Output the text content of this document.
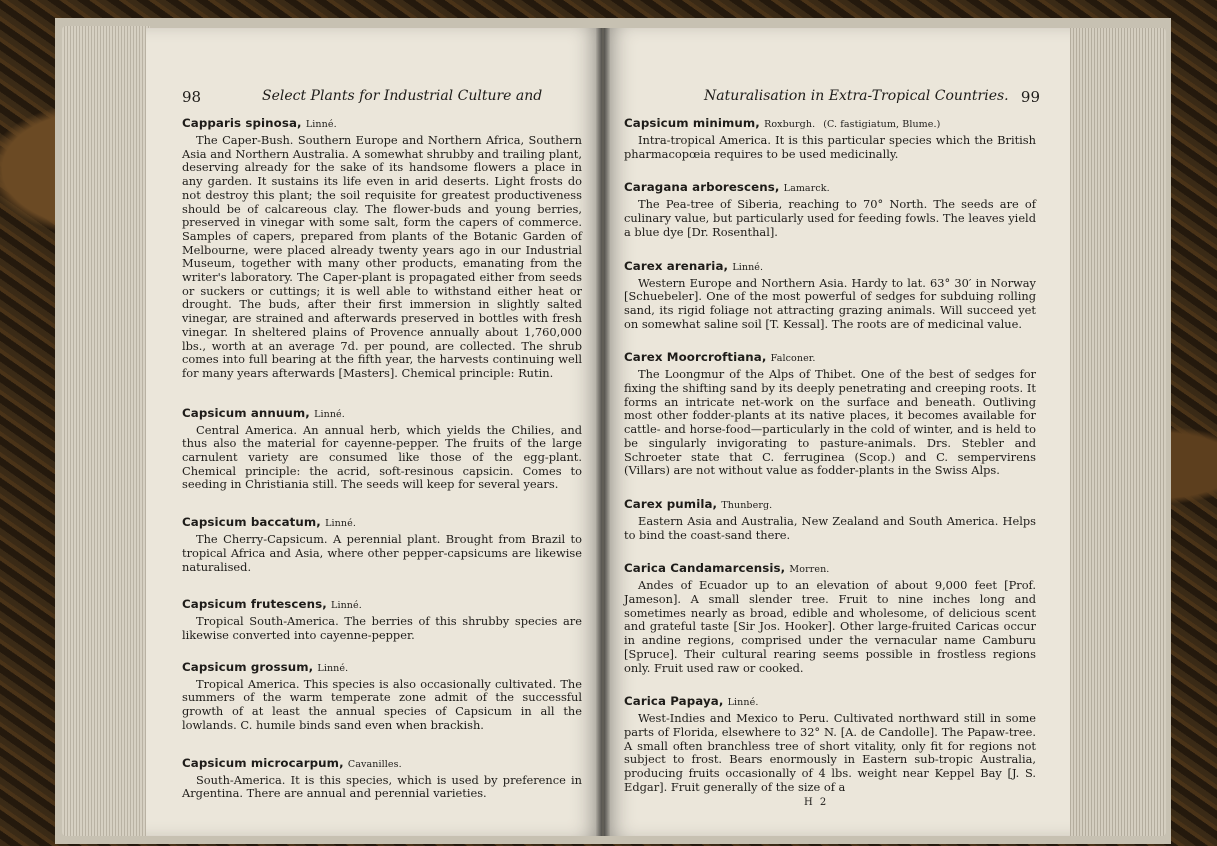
98	Select Plants for Industrial Culture and
Capparis spinosa, Linné.
The Caper-Bush. Southern Europe and Northern Africa, Southern Asia and Northern Australia. A somewhat shrubby and trailing plant, deserving already for the sake of its handsome flowers a place in any garden. It sustains its life even in arid deserts. Light frosts do not destroy this plant; the soil requisite for greatest productiveness should be of calcareous clay. The flower-buds and young berries, preserved in vinegar with some salt, form the capers of commerce. Samples of capers, prepared from plants of the Botanic Garden of Melbourne, were placed already twenty years ago in our Industrial Museum, together with many other products, emanating from the writer's laboratory. The Caper-plant is propagated either from seeds or suckers or cuttings; it is well able to withstand either heat or drought. The buds, after their first immersion in slightly salted vinegar, are strained and afterwards preserved in bottles with fresh vinegar. In sheltered plains of Provence annually about 1,760,000 lbs., worth at an average 7d. per pound, are collected. The shrub comes into full bearing at the fifth year, the harvests continuing well for many years afterwards [Masters]. Chemical principle: Rutin.
Capsicum annuum, Linné.
Central America. An annual herb, which yields the Chilies, and thus also the material for cayenne-pepper. The fruits of the large carnulent variety are consumed like those of the egg-plant. Chemical principle: the acrid, soft-resinous capsicin. Comes to seeding in Christiania still. The seeds will keep for several years.
Capsicum baccatum, Linné.
The Cherry-Capsicum. A perennial plant. Brought from Brazil to tropical Africa and Asia, where other pepper-capsicums are likewise naturalised.
Capsicum frutescens, Linné.
Tropical South-America. The berries of this shrubby species are likewise converted into cayenne-pepper.
Capsicum grossum, Linné.
Tropical America. This species is also occasionally cultivated. The summers of the warm temperate zone admit of the successful growth of at least the annual species of Capsicum in all the lowlands. C. humile binds sand even when brackish.
Capsicum microcarpum, Cavanilles.
South-America. It is this species, which is used by preference in Argentina. There are annual and perennial varieties.
Naturalisation in Extra-Tropical Countries. 99
Capsicum minimum, Roxburgh. (C. fastigiatum, Blume.)
Intra-tropical America. It is this particular species which the British pharmacopœia requires to be used medicinally.
Caragana arborescens, Lamarck.
The Pea-tree of Siberia, reaching to 70° North. The seeds are of culinary value, but particularly used for feeding fowls. The leaves yield a blue dye [Dr. Rosenthal].
Carex arenaria, Linné.
Western Europe and Northern Asia. Hardy to lat. 63° 30′ in Norway [Schuebeler]. One of the most powerful of sedges for subduing rolling sand, its rigid foliage not attracting grazing animals. Will succeed yet on somewhat saline soil [T. Kessal]. The roots are of medicinal value.
Carex Moorcroftiana, Falconer.
The Loongmur of the Alps of Thibet. One of the best of sedges for fixing the shifting sand by its deeply penetrating and creeping roots. It forms an intricate net-work on the surface and beneath. Outliving most other fodder-plants at its native places, it becomes available for cattle- and horse-food—particularly in the cold of winter, and is held to be singularly invigorating to pasture-animals. Drs. Stebler and Schroeter state that C. ferruginea (Scop.) and C. sempervirens (Villars) are not without value as fodder-plants in the Swiss Alps.
Carex pumila, Thunberg.
Eastern Asia and Australia, New Zealand and South America. Helps to bind the coast-sand there.
Carica Candamarcensis, Morren.
Andes of Ecuador up to an elevation of about 9,000 feet [Prof. Jameson]. A small slender tree. Fruit to nine inches long and sometimes nearly as broad, edible and wholesome, of delicious scent and grateful taste [Sir Jos. Hooker]. Other large-fruited Caricas occur in andine regions, comprised under the vernacular name Camburu [Spruce]. Their cultural rearing seems possible in frostless regions only. Fruit used raw or cooked.
Carica Papaya, Linné.
West-Indies and Mexico to Peru. Cultivated northward still in some parts of Florida, elsewhere to 32° N. [A. de Candolle]. The Papaw-tree. A small often branchless tree of short vitality, only fit for regions not subject to frost. Bears enormously in Eastern sub-tropic Australia, producing fruits occasionally of 4 lbs. weight near Keppel Bay [J. S. Edgar]. Fruit generally of the size of a
H 2
